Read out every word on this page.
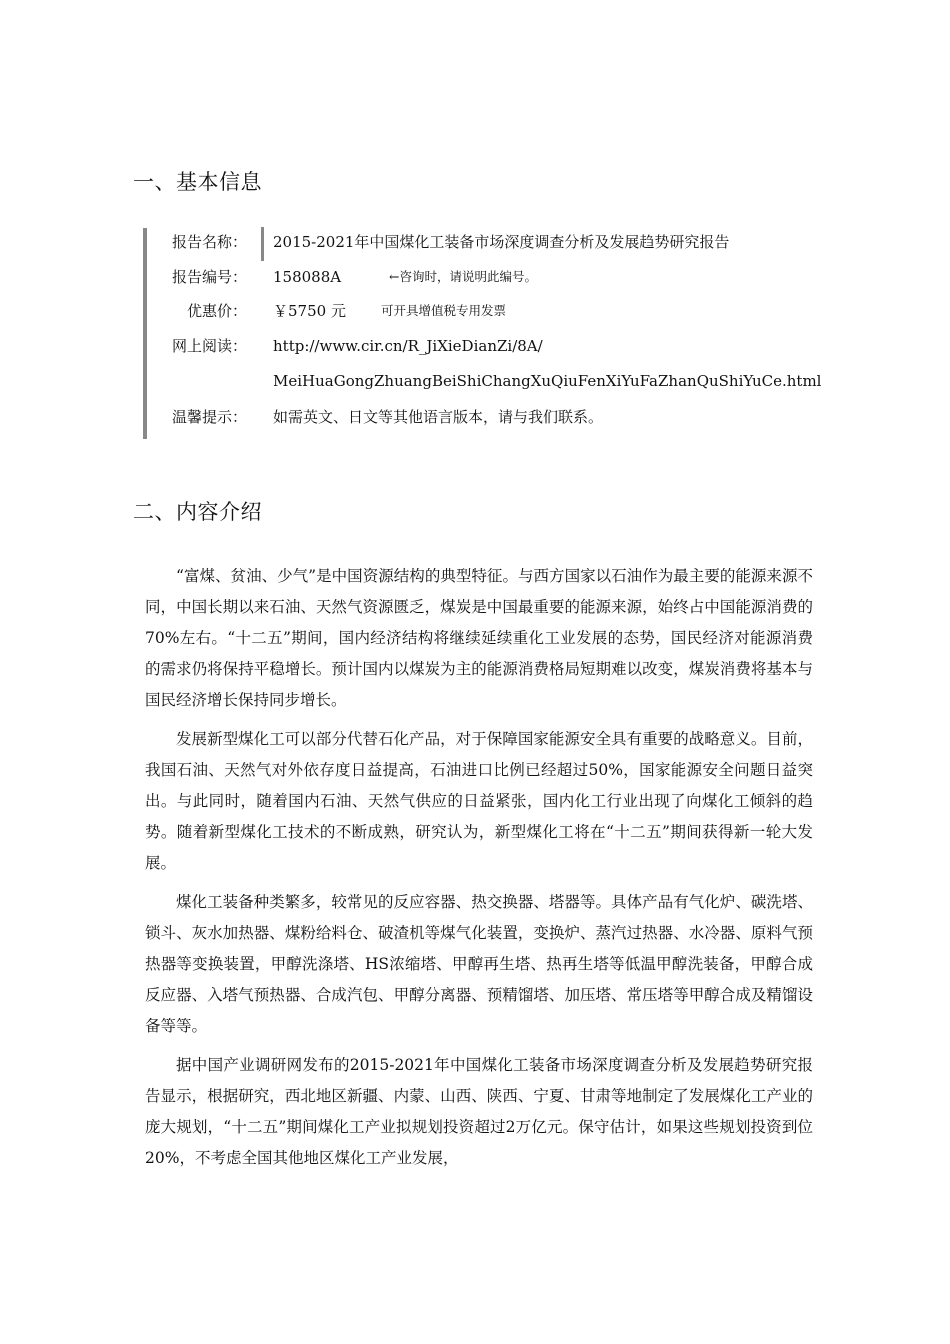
一、基本信息
报告名称： 2015-2021年中国煤化工装备市场深度调查分析及发展趋势研究报告
报告编号： 158088A	←咨询时，请说明此编号。
优惠价： ￥5750 元	可开具增值税专用发票
网上阅读： http://www.cir.cn/R_JiXieDianZi/8A/
MeiHuaGongZhuangBeiShiChangXuQiuFenXiYuFaZhanQuShiYuCe.html
温馨提示： 如需英文、日文等其他语言版本，请与我们联系。
二、内容介绍

“富煤、贫油、少气”是中国资源结构的典型特征。与西方国家以石油作为最主要的能源来源不同，中国长期以来石油、天然气资源匮乏，煤炭是中国最重要的能源来源，始终占中国能源消费的70%左右。“十二五”期间，国内经济结构将继续延续重化工业发展的态势，国民经济对能源消费的需求仍将保持平稳增长。预计国内以煤炭为主的能源消费格局短期难以改变，煤炭消费将基本与国民经济增长保持同步增长。

发展新型煤化工可以部分代替石化产品，对于保障国家能源安全具有重要的战略意义。目前，我国石油、天然气对外依存度日益提高，石油进口比例已经超过50%，国家能源安全问题日益突出。与此同时，随着国内石油、天然气供应的日益紧张，国内化工行业出现了向煤化工倾斜的趋势。随着新型煤化工技术的不断成熟，研究认为，新型煤化工将在“十二五”期间获得新一轮大发展。

煤化工装备种类繁多，较常见的反应容器、热交换器、塔器等。具体产品有气化炉、碳洗塔、锁斗、灰水加热器、煤粉给料仓、破渣机等煤气化装置，变换炉、蒸汽过热器、水冷器、原料气预热器等变换装置，甲醇洗涤塔、HS浓缩塔、甲醇再生塔、热再生塔等低温甲醇洗装备，甲醇合成反应器、入塔气预热器、合成汽包、甲醇分离器、预精馏塔、加压塔、常压塔等甲醇合成及精馏设备等等。

据中国产业调研网发布的2015-2021年中国煤化工装备市场深度调查分析及发展趋势研究报告显示，根据研究，西北地区新疆、内蒙、山西、陕西、宁夏、甘肃等地制定了发展煤化工产业的庞大规划，“十二五”期间煤化工产业拟规划投资超过2万亿元。保守估计，如果这些规划投资到位20%，不考虑全国其他地区煤化工产业发展，
